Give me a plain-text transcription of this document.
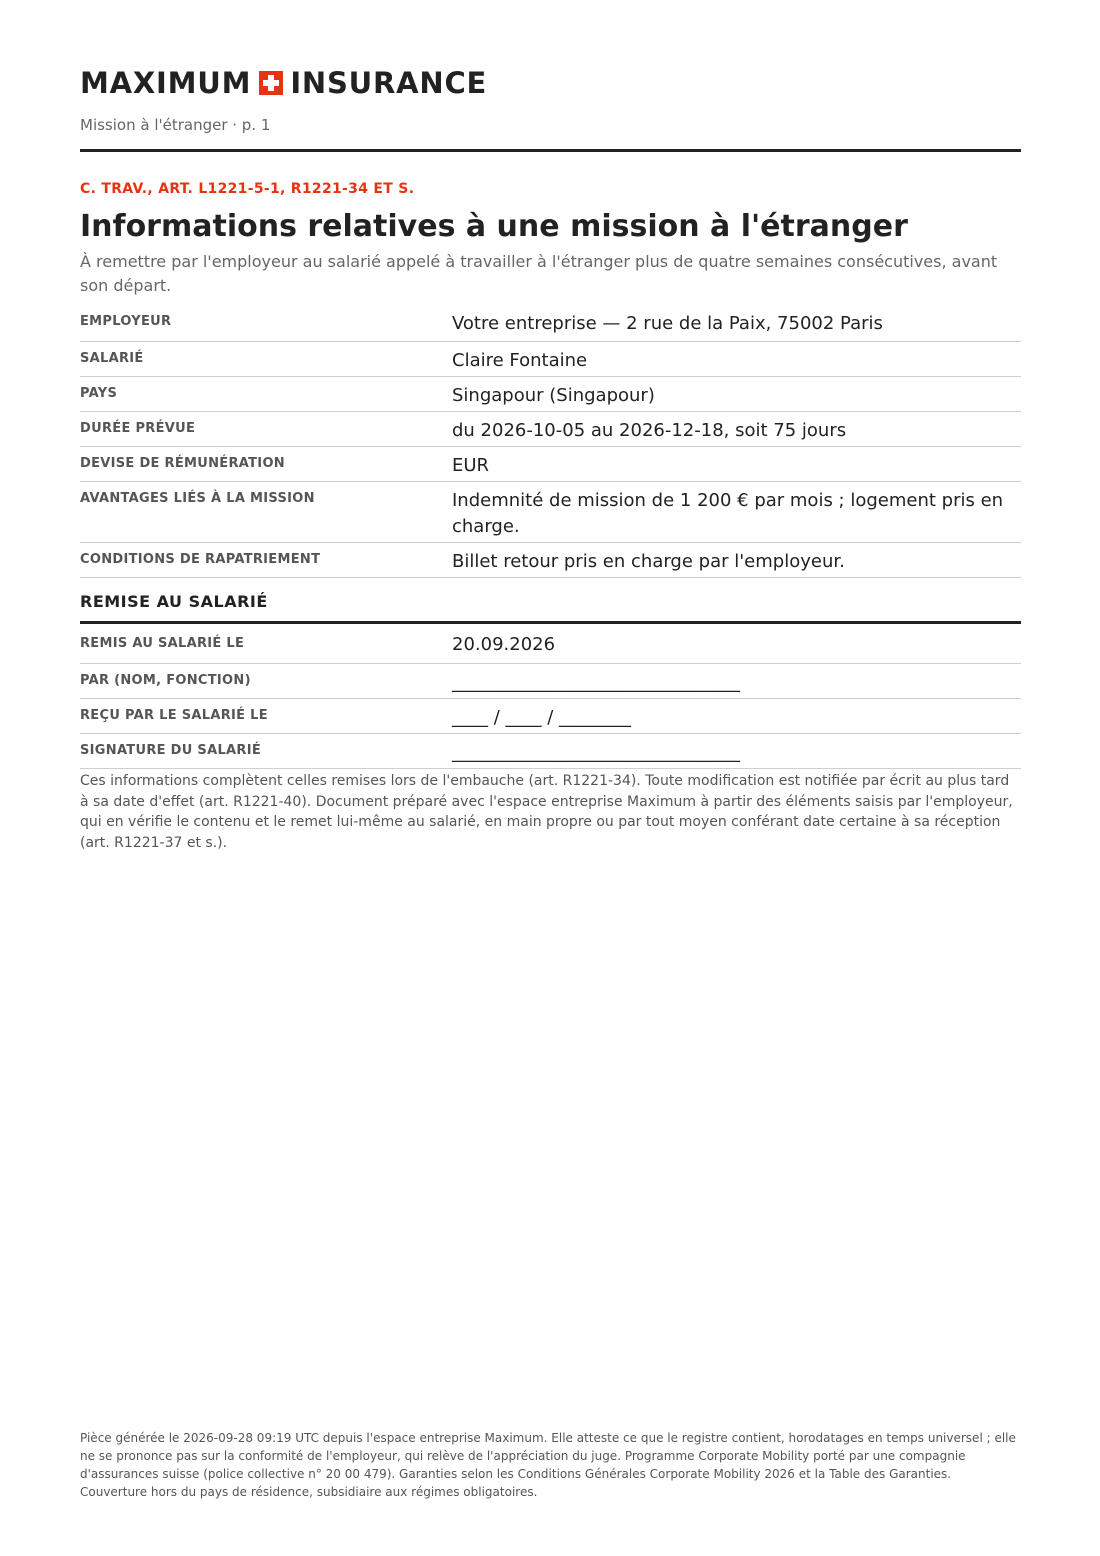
MAXIMUM INSURANCE
Mission à l'étranger · p. 1
C. TRAV., ART. L1221-5-1, R1221-34 ET S.
Informations relatives à une mission à l'étranger
À remettre par l'employeur au salarié appelé à travailler à l'étranger plus de quatre semaines consécutives, avant son départ.
EMPLOYEUR	Votre entreprise — 2 rue de la Paix, 75002 Paris
SALARIÉ	Claire Fontaine
PAYS	Singapour (Singapour)
DURÉE PRÉVUE	du 2026-10-05 au 2026-12-18, soit 75 jours
DEVISE DE RÉMUNÉRATION	EUR
AVANTAGES LIÉS À LA MISSION	Indemnité de mission de 1 200 € par mois ; logement pris en charge.
CONDITIONS DE RAPATRIEMENT	Billet retour pris en charge par l'employeur.
REMISE AU SALARIÉ
REMIS AU SALARIÉ LE	20.09.2026
PAR (NOM, FONCTION)	________________________________
REÇU PAR LE SALARIÉ LE	____ / ____ / ________
SIGNATURE DU SALARIÉ	________________________________
Ces informations complètent celles remises lors de l'embauche (art. R1221-34). Toute modification est notifiée par écrit au plus tard à sa date d'effet (art. R1221-40). Document préparé avec l'espace entreprise Maximum à partir des éléments saisis par l'employeur, qui en vérifie le contenu et le remet lui-même au salarié, en main propre ou par tout moyen conférant date certaine à sa réception (art. R1221-37 et s.).
Pièce générée le 2026-09-28 09:19 UTC depuis l'espace entreprise Maximum. Elle atteste ce que le registre contient, horodatages en temps universel ; elle ne se prononce pas sur la conformité de l'employeur, qui relève de l'appréciation du juge. Programme Corporate Mobility porté par une compagnie d'assurances suisse (police collective n° 20 00 479). Garanties selon les Conditions Générales Corporate Mobility 2026 et la Table des Garanties. Couverture hors du pays de résidence, subsidiaire aux régimes obligatoires.
